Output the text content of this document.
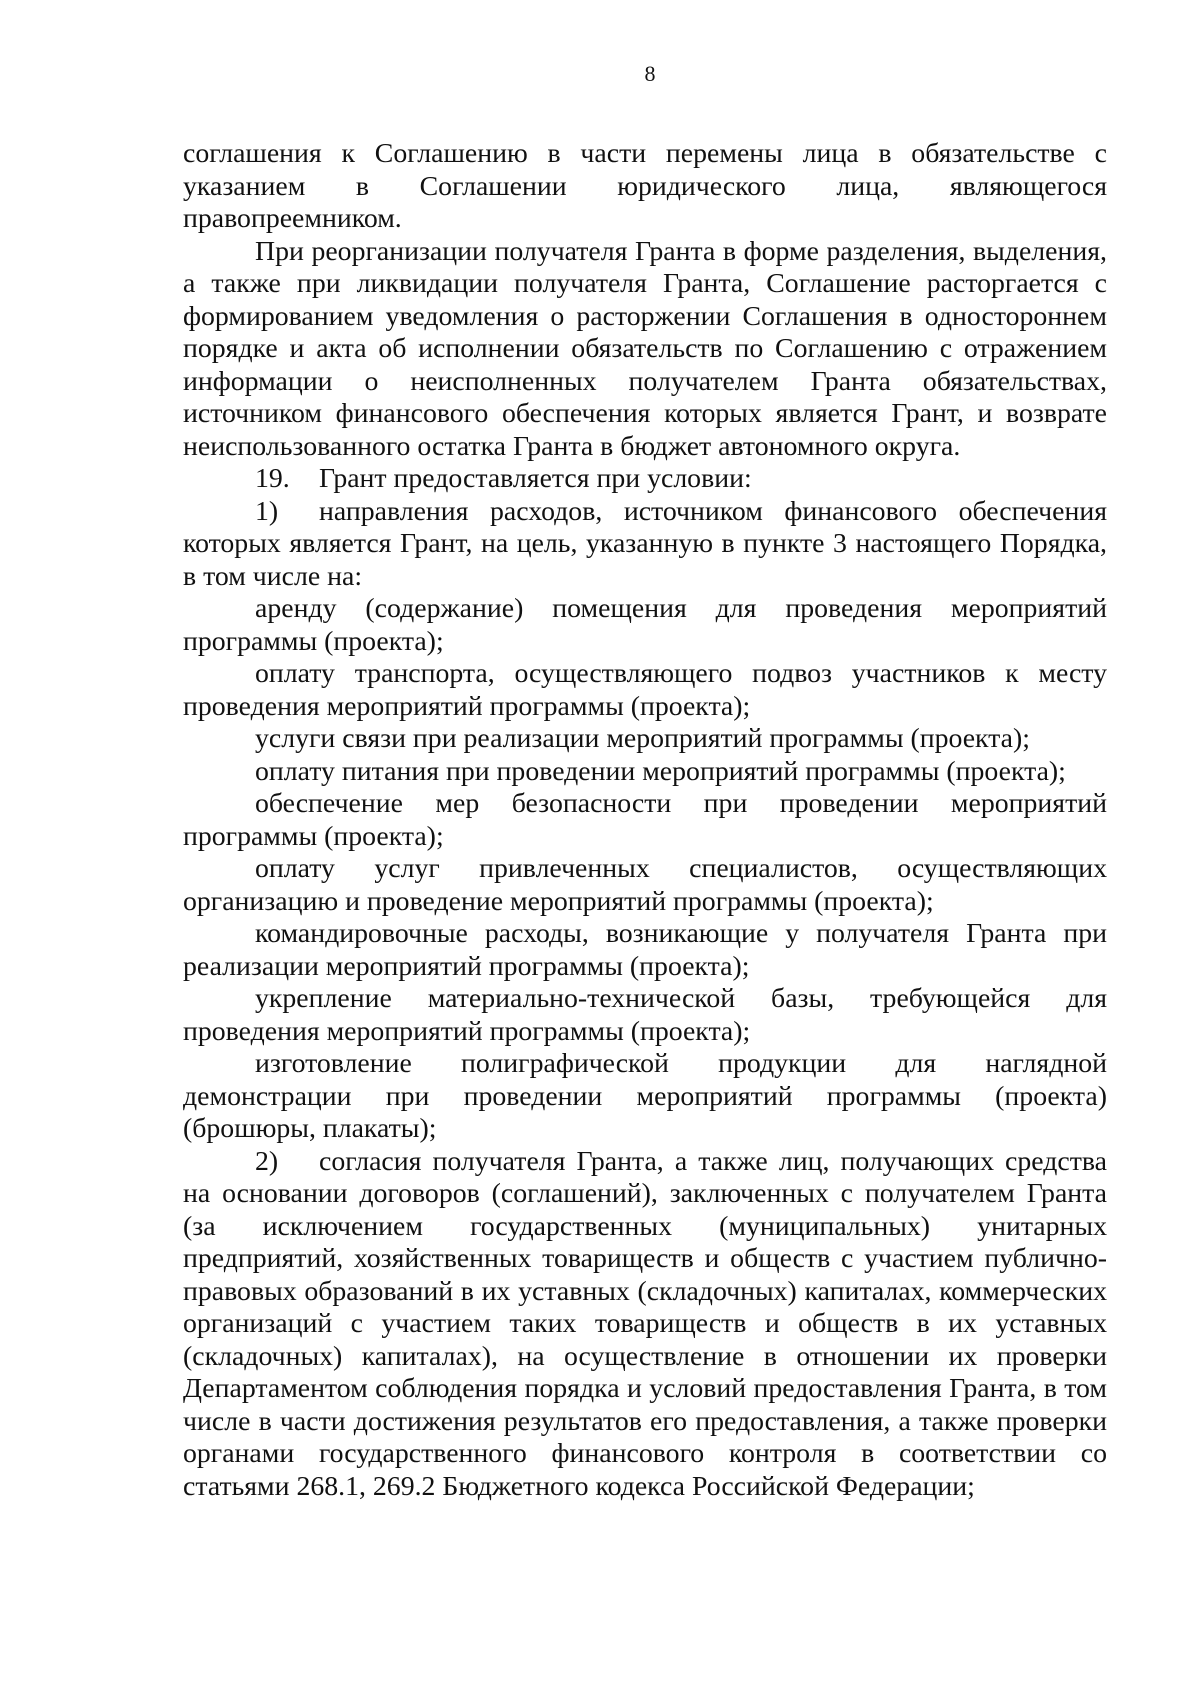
8

соглашения к Соглашению в части перемены лица в обязательстве с указанием в Соглашении юридического лица, являющегося правопреемником.

При реорганизации получателя Гранта в форме разделения, выделения, а также при ликвидации получателя Гранта, Соглашение расторгается с формированием уведомления о расторжении Соглашения в одностороннем порядке и акта об исполнении обязательств по Соглашению с отражением информации о неисполненных получателем Гранта обязательствах, источником финансового обеспечения которых является Грант, и возврате неиспользованного остатка Гранта в бюджет автономного округа.

19. Грант предоставляется при условии:

1) направления расходов, источником финансового обеспечения которых является Грант, на цель, указанную в пункте 3 настоящего Порядка, в том числе на:

аренду (содержание) помещения для проведения мероприятий программы (проекта);

оплату транспорта, осуществляющего подвоз участников к месту проведения мероприятий программы (проекта);

услуги связи при реализации мероприятий программы (проекта);

оплату питания при проведении мероприятий программы (проекта);

обеспечение мер безопасности при проведении мероприятий программы (проекта);

оплату услуг привлеченных специалистов, осуществляющих организацию и проведение мероприятий программы (проекта);

командировочные расходы, возникающие у получателя Гранта при реализации мероприятий программы (проекта);

укрепление материально-технической базы, требующейся для проведения мероприятий программы (проекта);

изготовление полиграфической продукции для наглядной демонстрации при проведении мероприятий программы (проекта) (брошюры, плакаты);

2) согласия получателя Гранта, а также лиц, получающих средства на основании договоров (соглашений), заключенных с получателем Гранта (за исключением государственных (муниципальных) унитарных предприятий, хозяйственных товариществ и обществ с участием публично-правовых образований в их уставных (складочных) капиталах, коммерческих организаций с участием таких товариществ и обществ в их уставных (складочных) капиталах), на осуществление в отношении их проверки Департаментом соблюдения порядка и условий предоставления Гранта, в том числе в части достижения результатов его предоставления, а также проверки органами государственного финансового контроля в соответствии со статьями 268.1, 269.2 Бюджетного кодекса Российской Федерации;
